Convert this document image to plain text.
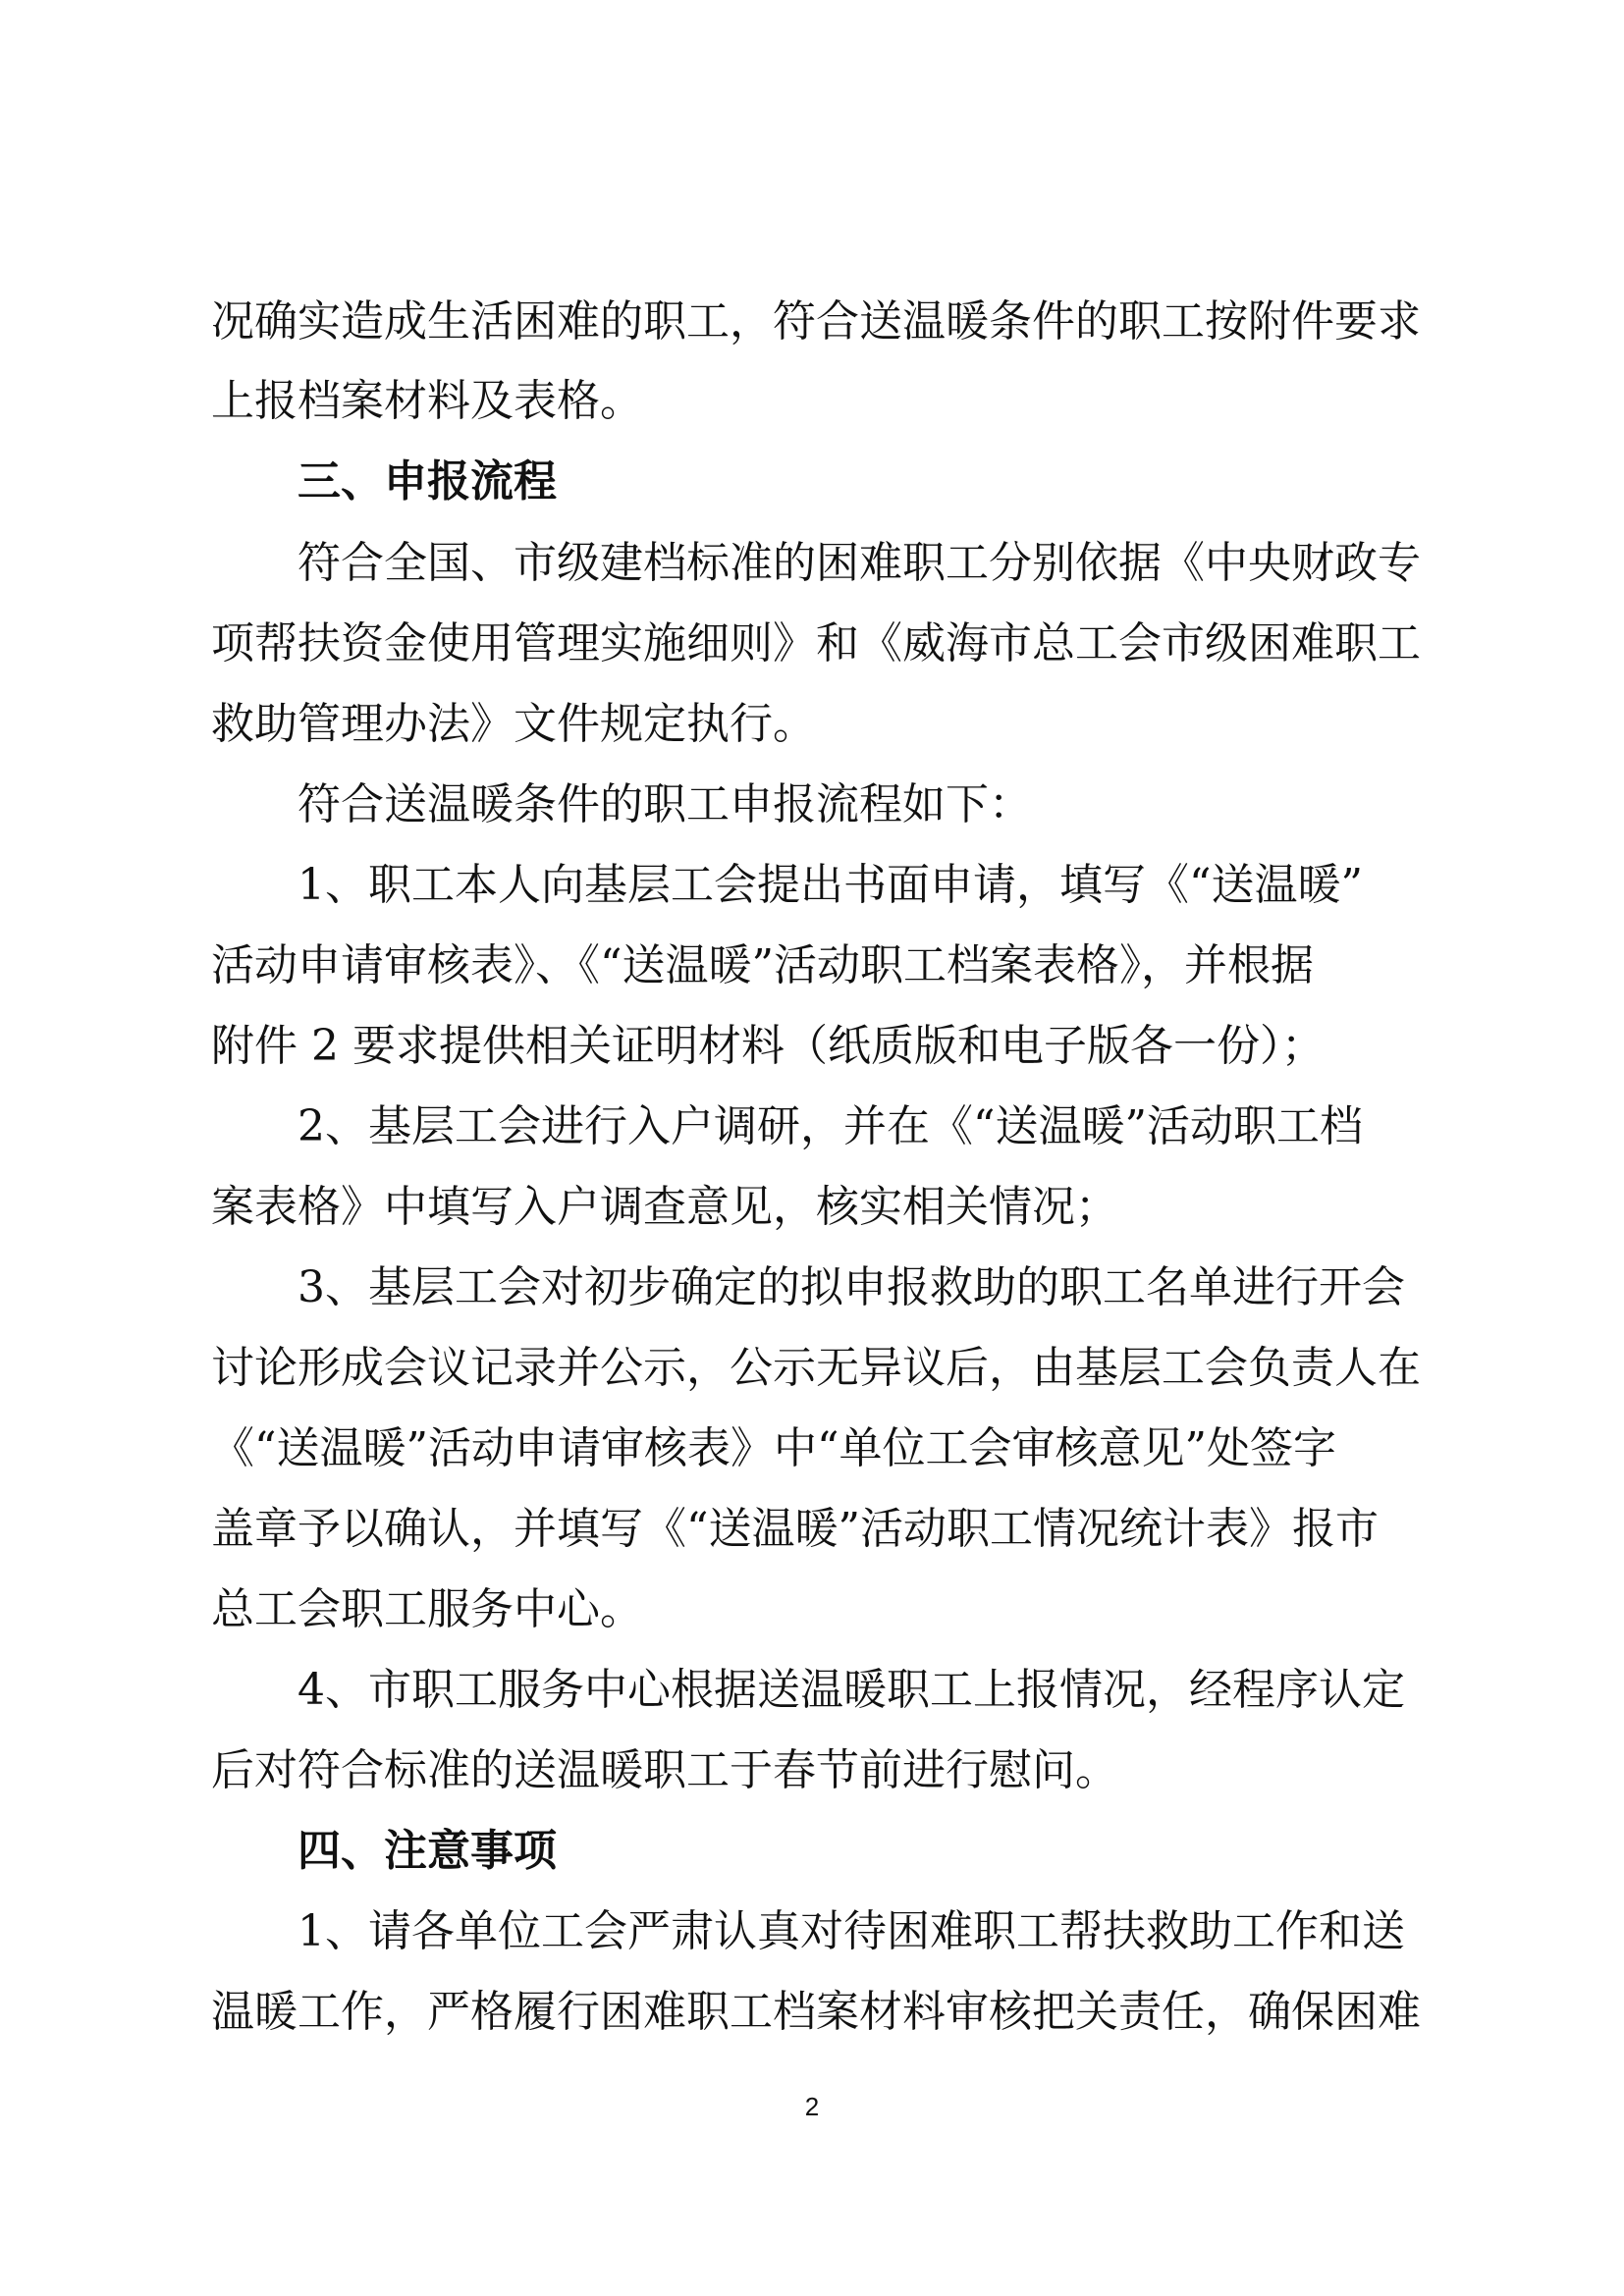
况确实造成生活困难的职工，符合送温暖条件的职工按附件要求
上报档案材料及表格。
三、申报流程
符合全国、市级建档标准的困难职工分别依据《中央财政专
项帮扶资金使用管理实施细则》和《威海市总工会市级困难职工
救助管理办法》文件规定执行。
符合送温暖条件的职工申报流程如下：
1、职工本人向基层工会提出书面申请，填写《“送温暖”
活动申请审核表》、《“送温暖”活动职工档案表格》，并根据
附件 2 要求提供相关证明材料（纸质版和电子版各一份）；
2、基层工会进行入户调研，并在《“送温暖”活动职工档
案表格》中填写入户调查意见，核实相关情况；
3、基层工会对初步确定的拟申报救助的职工名单进行开会
讨论形成会议记录并公示，公示无异议后，由基层工会负责人在
《“送温暖”活动申请审核表》中“单位工会审核意见”处签字
盖章予以确认，并填写《“送温暖”活动职工情况统计表》报市
总工会职工服务中心。
4、市职工服务中心根据送温暖职工上报情况，经程序认定
后对符合标准的送温暖职工于春节前进行慰问。
四、注意事项
1、请各单位工会严肃认真对待困难职工帮扶救助工作和送
温暖工作，严格履行困难职工档案材料审核把关责任，确保困难
2
